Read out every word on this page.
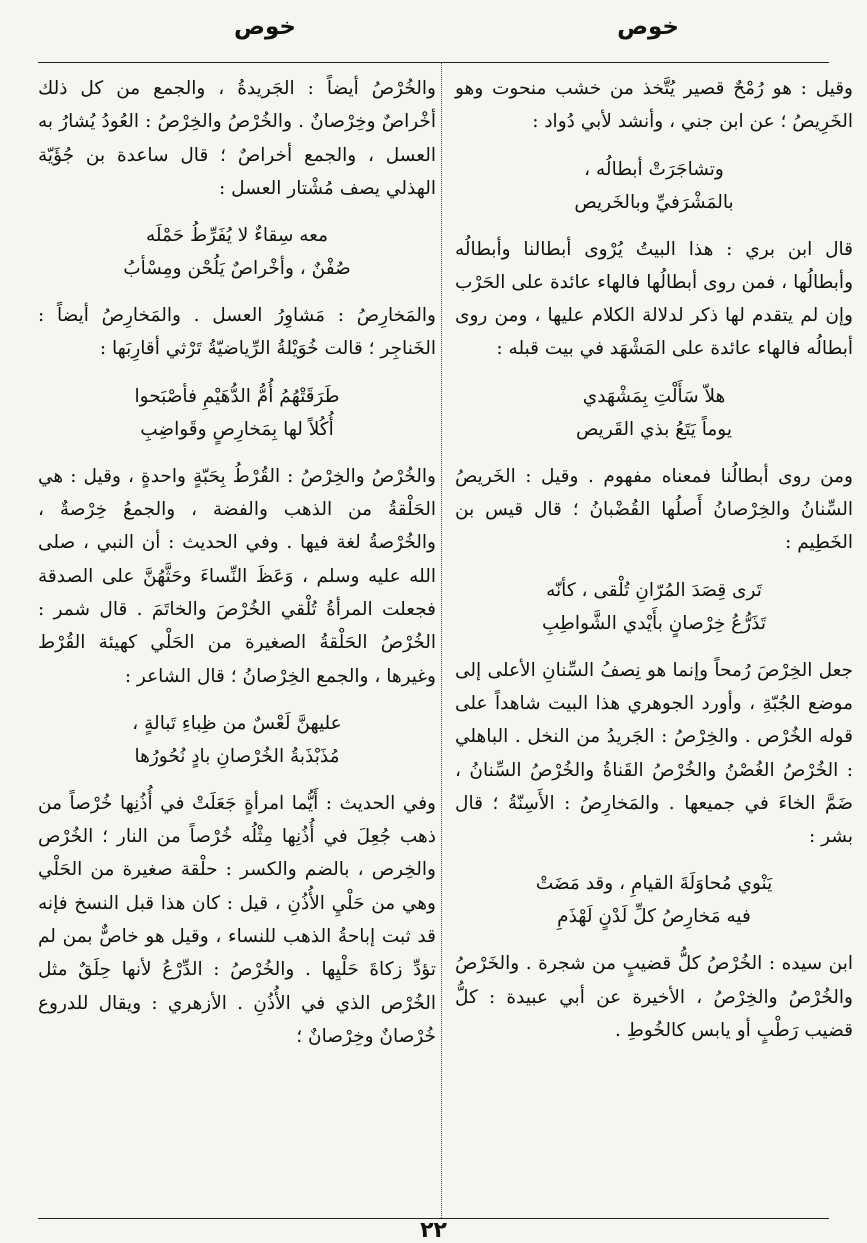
خوص
خوص

وقيل : هو رُمْحٌ قصير يُتَّخذ من خشب منحوت وهو الخَرِيصُ ؛ عن ابن جني ، وأنشد لأبي دُواد :

وتشاجَرَتْ أبطالُه ،
بالمَشْرَفيِّ وبالخَريص

قال ابن بري : هذا البيتُ يُرْوى أبطالنا وأبطالُه وأبطالُها ، فمن روى أبطالُها فالهاء عائدة على الحَرْب وإن لم يتقدم لها ذكر لدلالة الكلام عليها ، ومن روى أبطالُه فالهاء عائدة على المَشْهَد في بيت قبله :

هلاّ سَأَلْتِ بِمَشْهَدي
يوماً يَتَعُ بذي القَريص

ومن روى أبطالُنا فمعناه مفهوم . وقيل : الخَريصُ السِّنانُ والخِرْصانُ أَصلُها القُضْبانُ ؛ قال قيس بن الخَطِيم :

تَرى قِصَدَ المُرّانِ تُلْقى ، كأنّه
تَذَرُّعُ خِرْصانٍ بأَيْدي الشَّواطِبِ

جعل الخِرْصَ رُمحاً وإنما هو نِصفُ السِّنانِ الأعلى إلى موضع الجُبّةِ ، وأورد الجوهري هذا البيت شاهداً على قوله الخُرْص . والخِرْصُ : الجَريدُ من النخل . الباهلي : الخُرْصُ الغُصْنُ والخُرْصُ القَناةُ والخُرْصُ السِّنانُ ، ضَمَّ الخاءَ في جميعها . والمَخارِصُ : الأَسِنّةُ ؛ قال بشر :

يَنْوي مُحاوَلَةَ القيامِ ، وقد مَضَتْ
فيه مَخارِصُ كلِّ لَدْنٍ لَهْذَمِ

ابن سيده : الخُرْصُ كلُّ قضيبٍ من شجرة . والخَرْصُ والخُرْصُ والخِرْصُ ، الأخيرة عن أبي عبيدة : كلُّ قضيب رَطْبٍ أو يابس كالخُوطِ .

والخُرْصُ أيضاً : الجَريدةُ ، والجمع من كل ذلك أخْراصٌ وخِرْصانٌ . والخُرْصُ والخِرْصُ : العُودُ يُشارُ به العسل ، والجمع أخراصٌ ؛ قال ساعدة بن جُؤَيّة الهذلي يصف مُشْتار العسل :

معه سِقاءٌ لا يُفَرِّطُ حَمْلَه
صُفْنٌ ، وأخْراصٌ يَلُحْن ومِسْأبُ

والمَخارِصُ : مَشاوِرُ العسل . والمَخارِصُ أيضاً : الخَناجِر ؛ قالت خُوَيْلةُ الرِّياضيّةُ تَرْثي أقارِبَها :

طَرَقَتْهُمُ أُمُّ الدُّهَيْمِ فأصْبَحوا
أُكُلاً لها بِمَخارِصٍ وقَواضِبِ

والخُرْصُ والخِرْصُ : القُرْطُ بِحَبّةٍ واحدةٍ ، وقيل : هي الحَلْقةُ من الذهب والفضة ، والجمعُ خِرْصةٌ ، والخُرْصةُ لغة فيها . وفي الحديث : أن النبي ، صلى الله عليه وسلم ، وَعَظَ النِّساءَ وحَثَّهُنَّ على الصدقة فجعلت المرأةُ تُلْقي الخُرْصَ والخاتَمَ . قال شمر : الخُرْصُ الحَلْقةُ الصغيرة من الحَلْي كهيئة القُرْط وغيرها ، والجمع الخِرْصانُ ؛ قال الشاعر :

عليهنَّ لَعْسٌ من ظِباءِ تَبالةٍ ،
مُذَبْذَبةُ الخُرْصانِ بادٍ نُحُورُها

وفي الحديث : أَيُّما امرأةٍ جَعَلَتْ في أُذُنِها خُرْصاً من ذهب جُعِلَ في أُذُنِها مِثْلُه خُرْصاً من النار ؛ الخُرْص والخِرص ، بالضم والكسر : حلْقة صغيرة من الحَلْي وهي من حَلْيِ الأُذُنِ ، قيل : كان هذا قبل النسخ فإنه قد ثبت إباحةُ الذهب للنساء ، وقيل هو خاصٌّ بمن لم تؤدِّ زكاةَ حَلْيِها . والخُرْصُ : الدِّرْعُ لأنها حِلَقٌ مثل الخُرْص الذي في الأُذُنِ . الأزهري : ويقال للدروع خُرْصانٌ وخِرْصانٌ ؛

٢٢
